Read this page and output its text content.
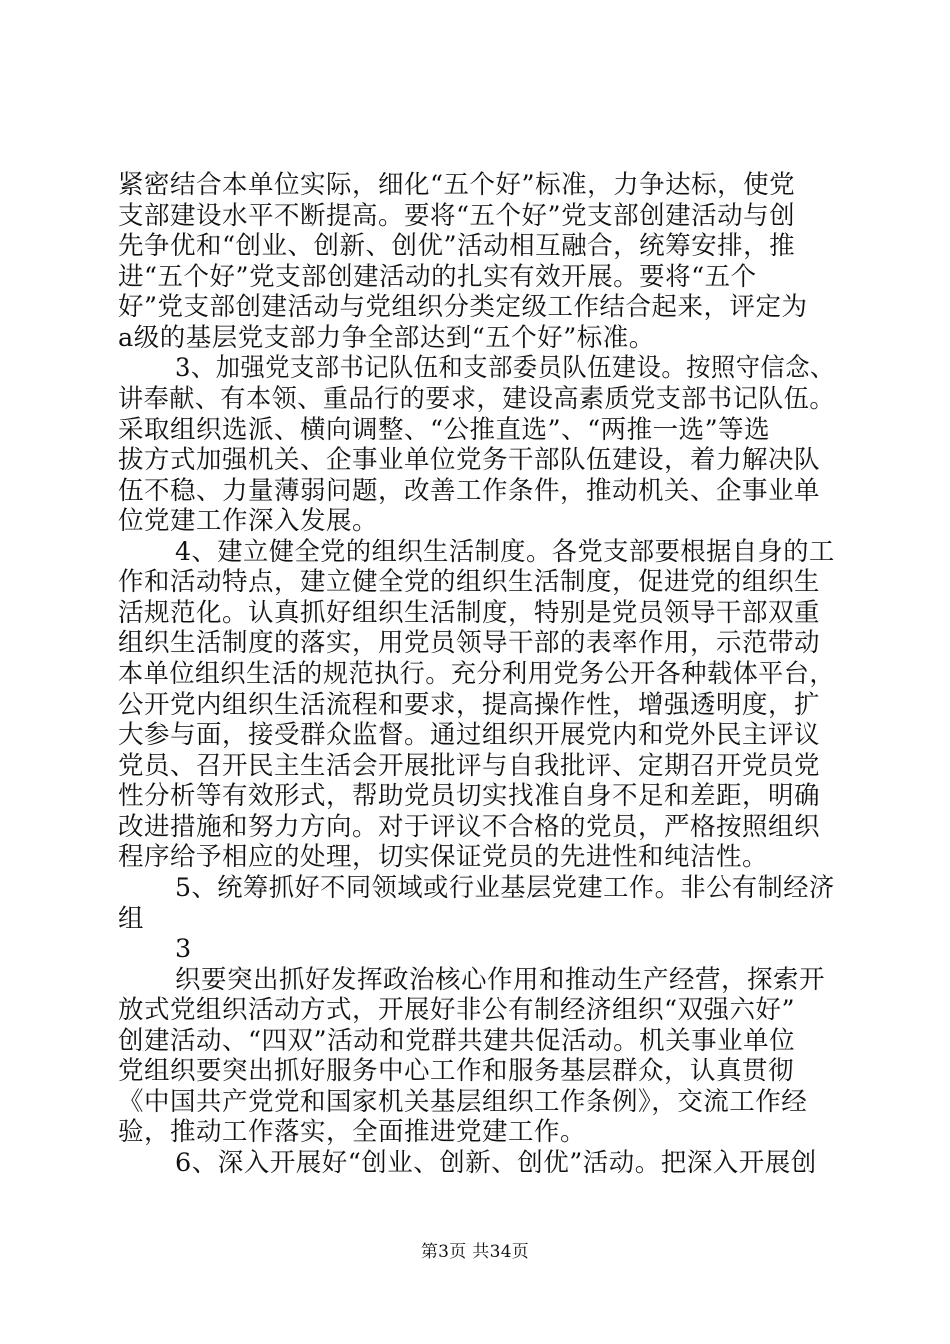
紧密结合本单位实际，细化“五个好”标准，力争达标，使党
支部建设水平不断提高。要将“五个好”党支部创建活动与创
先争优和“创业、创新、创优”活动相互融合，统筹安排，推
进“五个好”党支部创建活动的扎实有效开展。要将“五个
好”党支部创建活动与党组织分类定级工作结合起来，评定为
a级的基层党支部力争全部达到“五个好”标准。
3、加强党支部书记队伍和支部委员队伍建设。按照守信念、
讲奉献、有本领、重品行的要求，建设高素质党支部书记队伍。
采取组织选派、横向调整、“公推直选”、“两推一选”等选
拔方式加强机关、企事业单位党务干部队伍建设，着力解决队
伍不稳、力量薄弱问题，改善工作条件，推动机关、企事业单
位党建工作深入发展。
4、建立健全党的组织生活制度。各党支部要根据自身的工
作和活动特点，建立健全党的组织生活制度，促进党的组织生
活规范化。认真抓好组织生活制度，特别是党员领导干部双重
组织生活制度的落实，用党员领导干部的表率作用，示范带动
本单位组织生活的规范执行。充分利用党务公开各种载体平台，
公开党内组织生活流程和要求，提高操作性，增强透明度，扩
大参与面，接受群众监督。通过组织开展党内和党外民主评议
党员、召开民主生活会开展批评与自我批评、定期召开党员党
性分析等有效形式，帮助党员切实找准自身不足和差距，明确
改进措施和努力方向。对于评议不合格的党员，严格按照组织
程序给予相应的处理，切实保证党员的先进性和纯洁性。
5、统筹抓好不同领域或行业基层党建工作。非公有制经济
组
3
织要突出抓好发挥政治核心作用和推动生产经营，探索开
放式党组织活动方式，开展好非公有制经济组织“双强六好”
创建活动、“四双”活动和党群共建共促活动。机关事业单位
党组织要突出抓好服务中心工作和服务基层群众，认真贯彻
《中国共产党党和国家机关基层组织工作条例》，交流工作经
验，推动工作落实，全面推进党建工作。
6、深入开展好“创业、创新、创优”活动。把深入开展创
第3页 共34页
